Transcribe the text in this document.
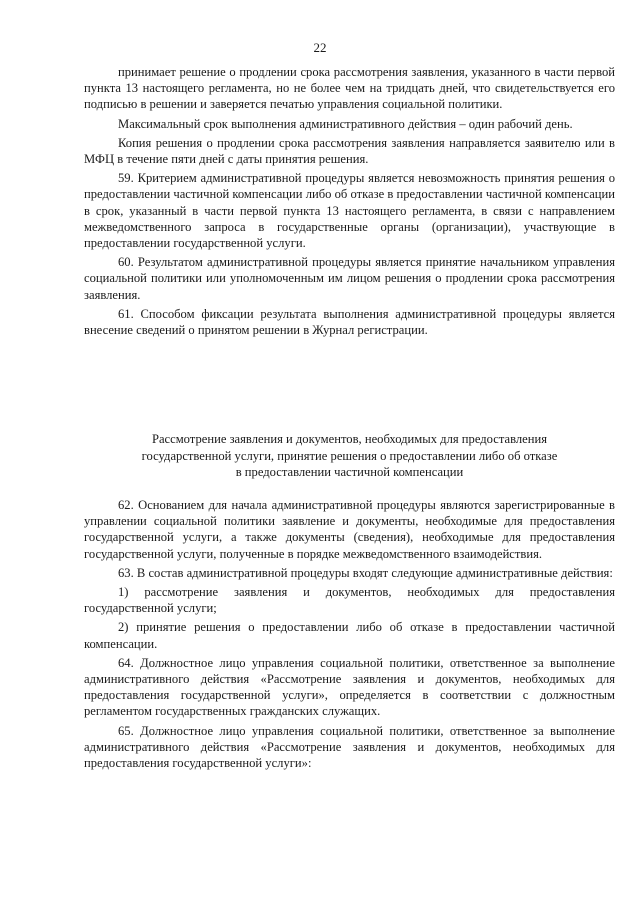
22

принимает решение о продлении срока рассмотрения заявления, указанного в части первой пункта 13 настоящего регламента, но не более чем на тридцать дней, что свидетельствуется его подписью в решении и заверяется печатью управления социальной политики.

Максимальный срок выполнения административного действия – один рабочий день.

Копия решения о продлении срока рассмотрения заявления направляется заявителю или в МФЦ в течение пяти дней с даты принятия решения.

59. Критерием административной процедуры является невозможность принятия решения о предоставлении частичной компенсации либо об отказе в предоставлении частичной компенсации в срок, указанный в части первой пункта 13 настоящего регламента, в связи с направлением межведомственного запроса в государственные органы (организации), участвующие в предоставлении государственной услуги.

60. Результатом административной процедуры является принятие начальником управления социальной политики или уполномоченным им лицом решения о продлении срока рассмотрения заявления.

61. Способом фиксации результата выполнения административной процедуры является внесение сведений о принятом решении в Журнал регистрации.

Рассмотрение заявления и документов, необходимых для предоставления
государственной услуги, принятие решения о предоставлении либо об отказе
в предоставлении частичной компенсации

62. Основанием для начала административной процедуры являются зарегистрированные в управлении социальной политики заявление и документы, необходимые для предоставления государственной услуги, а также документы (сведения), необходимые для предоставления государственной услуги, полученные в порядке межведомственного взаимодействия.

63. В состав административной процедуры входят следующие административные действия:

1) рассмотрение заявления и документов, необходимых для предоставления государственной услуги;

2) принятие решения о предоставлении либо об отказе в предоставлении частичной компенсации.

64. Должностное лицо управления социальной политики, ответственное за выполнение административного действия «Рассмотрение заявления и документов, необходимых для предоставления государственной услуги», определяется в соответствии с должностным регламентом государственных гражданских служащих.

65. Должностное лицо управления социальной политики, ответственное за выполнение административного действия «Рассмотрение заявления и документов, необходимых для предоставления государственной услуги»:
